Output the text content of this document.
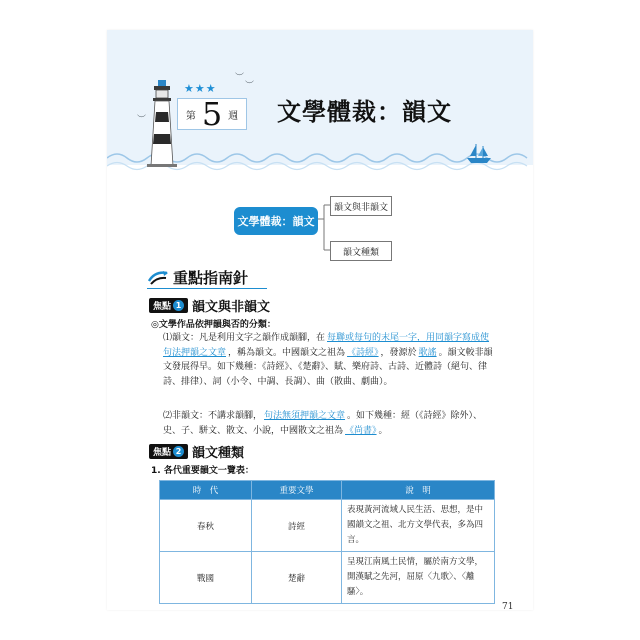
★★★
︶
︶
︶	第 5 週 文學體裁：韻文
文學體裁：韻文
韻文與非韻文
韻文種類
重點指南針
焦點 1 韻文與非韻文
◎文學作品依押韻與否的分類：
⑴韻文：凡是利用文字之韻作成韻腳，在 每聯或每句的末尾一字，用同韻字寫成使句法押韻之文章 ，稱為韻文。中國韻文之祖為 《詩經》 ，發源於 歌謠 。韻文較非韻文發展得早。如下幾種：《詩經》、《楚辭》、賦、樂府詩、古詩、近體詩（絕句、律詩、排律）、詞（小令、中調、長調）、曲（散曲、劇曲）。
⑵非韻文：不講求韻腳， 句法無須押韻之文章 。如下幾種：經（《詩經》除外）、史、子、駢文、散文、小說，中國散文之祖為 《尚書》 。
焦點 2 韻文種類
1. 各代重要韻文一覽表：
時　代	重要文學	說　明
春秋	詩經	表現黃河流域人民生活、思想，是中國韻文之祖、北方文學代表，多為四言。
戰國	楚辭	呈現江南風土民情，屬於南方文學，開漢賦之先河，屈原〈九歌〉、〈離騷〉。
71
